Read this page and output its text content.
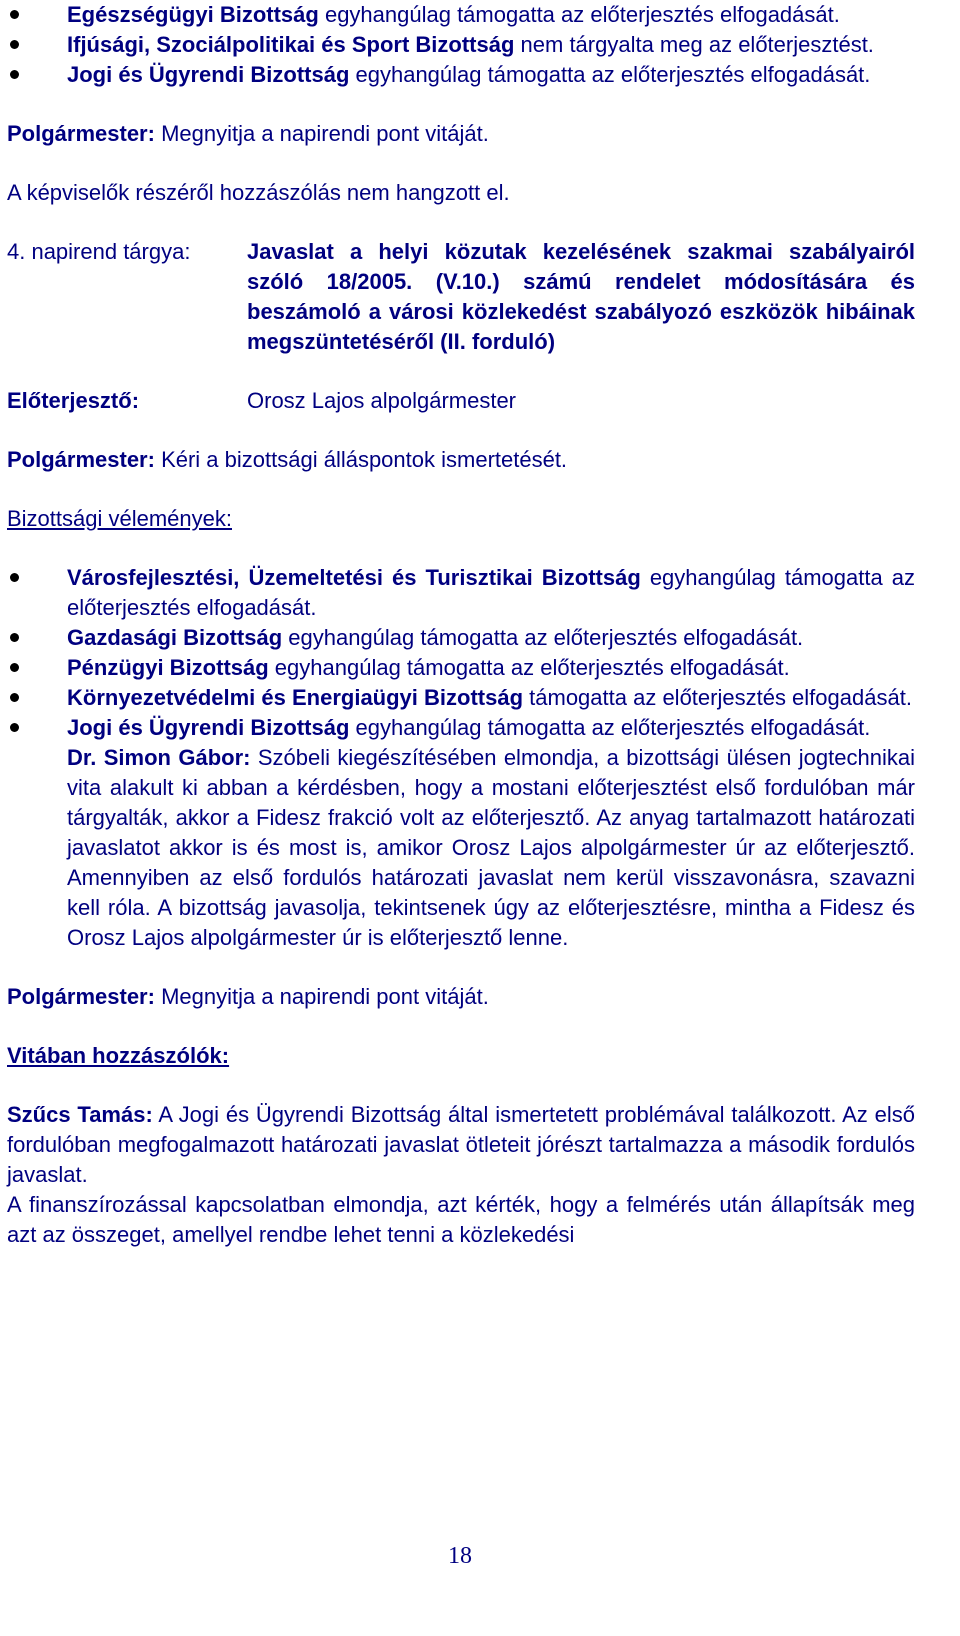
Egészségügyi Bizottság egyhangúlag támogatta az előterjesztés elfogadását.
Ifjúsági, Szociálpolitikai és Sport Bizottság nem tárgyalta meg az előterjesztést.
Jogi és Ügyrendi Bizottság egyhangúlag támogatta az előterjesztés elfogadását.

Polgármester: Megnyitja a napirendi pont vitáját.

A képviselők részéről hozzászólás nem hangzott el.

4. napirend tárgya:	Javaslat a helyi közutak kezelésének szakmai szabályairól szóló 18/2005. (V.10.) számú rendelet módosítására és beszámoló a városi közlekedést szabályozó eszközök hibáinak megszüntetéséről (II. forduló)
Előterjesztő:	Orosz Lajos alpolgármester

Polgármester: Kéri a bizottsági álláspontok ismertetését.

Bizottsági vélemények:

Városfejlesztési, Üzemeltetési és Turisztikai Bizottság egyhangúlag támogatta az előterjesztés elfogadását.
Gazdasági Bizottság egyhangúlag támogatta az előterjesztés elfogadását.
Pénzügyi Bizottság egyhangúlag támogatta az előterjesztés elfogadását.
Környezetvédelmi és Energiaügyi Bizottság támogatta az előterjesztés elfogadását.
Jogi és Ügyrendi Bizottság egyhangúlag támogatta az előterjesztés elfogadását.

Dr. Simon Gábor: Szóbeli kiegészítésében elmondja, a bizottsági ülésen jogtechnikai vita alakult ki abban a kérdésben, hogy a mostani előterjesztést első fordulóban már tárgyalták, akkor a Fidesz frakció volt az előterjesztő. Az anyag tartalmazott határozati javaslatot akkor is és most is, amikor Orosz Lajos alpolgármester úr az előterjesztő. Amennyiben az első fordulós határozati javaslat nem kerül visszavonásra, szavazni kell róla. A bizottság javasolja, tekintsenek úgy az előterjesztésre, mintha a Fidesz és Orosz Lajos alpolgármester úr is előterjesztő lenne.

Polgármester: Megnyitja a napirendi pont vitáját.

Vitában hozzászólók:

Szűcs Tamás: A Jogi és Ügyrendi Bizottság által ismertetett problémával találkozott. Az első fordulóban megfogalmazott határozati javaslat ötleteit jórészt tartalmazza a második fordulós javaslat.

A finanszírozással kapcsolatban elmondja, azt kérték, hogy a felmérés után állapítsák meg azt az összeget, amellyel rendbe lehet tenni a közlekedési

18
